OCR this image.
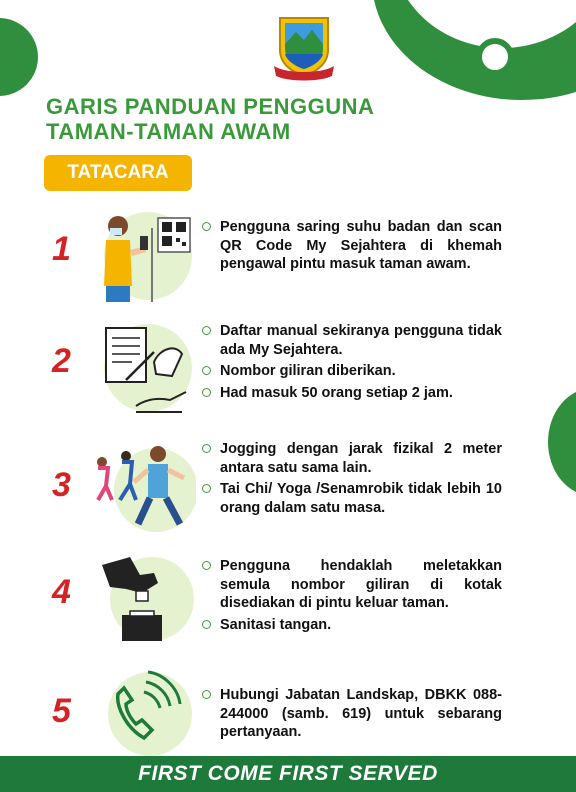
GARIS PANDUAN PENGGUNA
TAMAN-TAMAN AWAM
TATACARA
1
Pengguna saring suhu badan dan scan QR Code My Sejahtera di khemah pengawal pintu masuk taman awam.
2
Daftar manual sekiranya pengguna tidak ada My Sejahtera.
Nombor giliran diberikan.
Had masuk 50 orang setiap 2 jam.
3
Jogging dengan jarak fizikal 2 meter antara satu sama lain.
Tai Chi/ Yoga /Senamrobik tidak lebih 10 orang dalam satu masa.
4
Pengguna hendaklah meletakkan semula nombor giliran di kotak disediakan di pintu keluar taman.
Sanitasi tangan.
5	Hubungi Jabatan Landskap, DBKK 088-244000 (samb. 619) untuk sebarang pertanyaan.
FIRST COME FIRST SERVED
